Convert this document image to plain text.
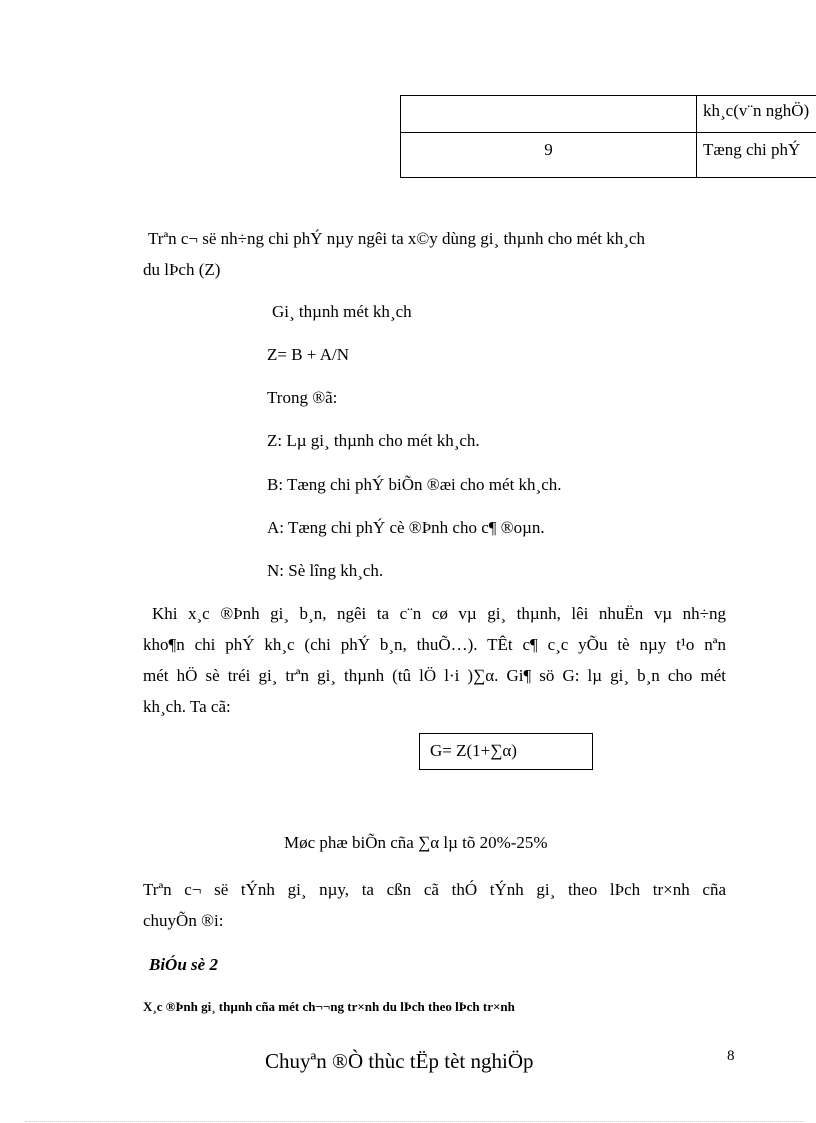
kh¸c(v¨n nghÖ)
9	Tæng chi phÝ
Trªn c¬ së nh÷ng chi phÝ nµy ngêi ta x©y dùng gi¸ thµnh cho mét kh¸ch
du lÞch (Z)
Gi¸ thµnh mét kh¸ch
Z= B + A/N
Trong ®ã:
Z: Lµ gi¸ thµnh cho mét kh¸ch.
B: Tæng chi phÝ biÕn ®æi cho mét kh¸ch.
A: Tæng chi phÝ cè ®Þnh cho c¶ ®oµn.
N: Sè lîng kh¸ch.
Khi x¸c ®Þnh gi¸ b¸n, ngêi ta c¨n cø vµ gi¸ thµnh, lêi nhuËn vµ nh÷ng
kho¶n chi phÝ kh¸c (chi phÝ b¸n, thuÕ…). TÊt c¶ c¸c yÕu tè nµy t¹o nªn
mét hÖ sè tréi gi¸ trªn gi¸ thµnh (tû lÖ l·i )∑α. Gi¶ sö G: lµ gi¸ b¸n cho mét
kh¸ch. Ta cã:
G= Z(1+∑α)
Møc phæ biÕn cña ∑α lµ tõ 20%-25%
Trªn c¬ së tÝnh gi¸ nµy, ta cßn cã thÓ tÝnh gi¸ theo lÞch tr×nh cña
chuyÕn ®i:
BiÓu sè 2
X¸c ®Þnh gi¸ thµnh cña mét ch¬¬ng tr×nh du lÞch theo lÞch tr×nh
Chuyªn ®Ò thùc tËp tèt nghiÖp	8
